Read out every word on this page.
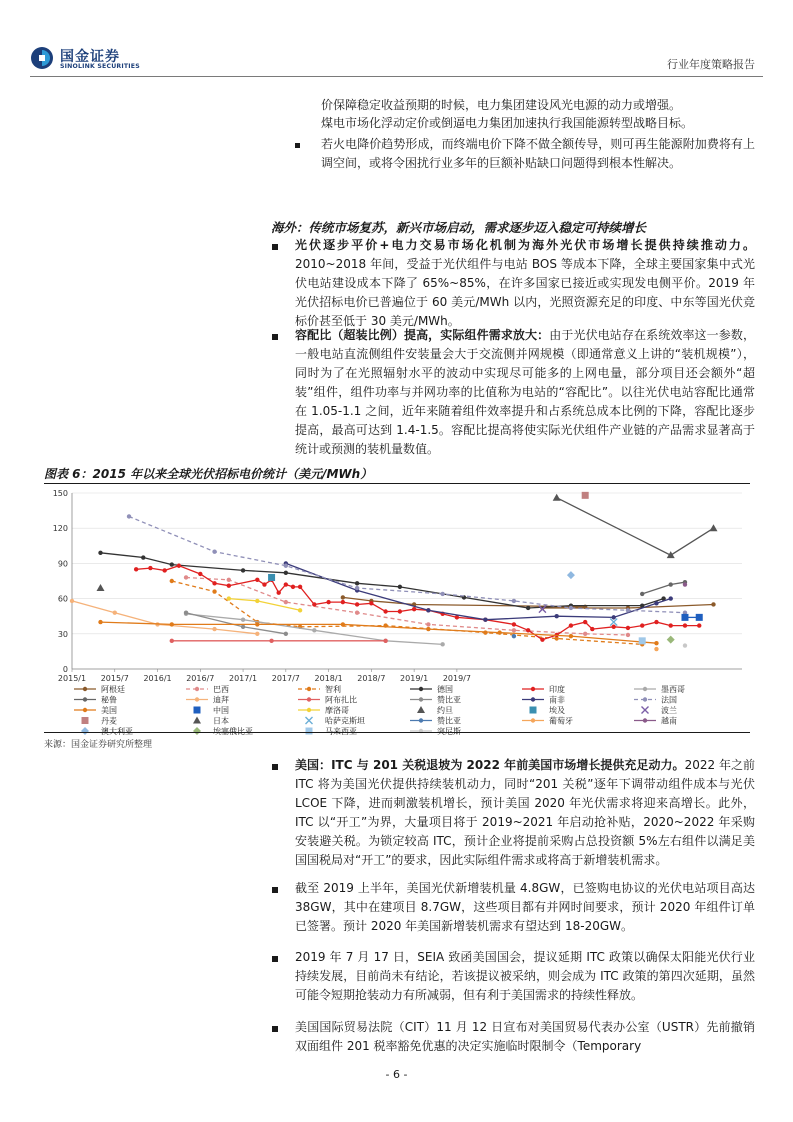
国金证券
SINOLINK SECURITIES	行业年度策略报告
价保障稳定收益预期的时候，电力集团建设风光电源的动力或增强。
煤电市场化浮动定价或倒逼电力集团加速执行我国能源转型战略目标。
若火电降价趋势形成，而终端电价下降不做全额传导，则可再生能源附加费将有上调空间，或将令困扰行业多年的巨额补贴缺口问题得到根本性解决。
海外：传统市场复苏，新兴市场启动，需求逐步迈入稳定可持续增长
光伏逐步平价+电力交易市场化机制为海外光伏市场增长提供持续推动力。2010~2018 年间，受益于光伏组件与电站 BOS 等成本下降，全球主要国家集中式光伏电站建设成本下降了 65%~85%，在许多国家已接近或实现发电侧平价。2019 年光伏招标电价已普遍位于 60 美元/MWh 以内，光照资源充足的印度、中东等国光伏竞标价甚至低于 30 美元/MWh。
容配比（超装比例）提高，实际组件需求放大：由于光伏电站存在系统效率这一参数，一般电站直流侧组件安装量会大于交流侧并网规模（即通常意义上讲的“装机规模”），同时为了在光照辐射水平的波动中实现尽可能多的上网电量，部分项目还会额外“超装”组件，组件功率与并网功率的比值称为电站的“容配比”。以往光伏电站容配比通常在 1.05-1.1 之间，近年来随着组件效率提升和占系统总成本比例的下降，容配比逐步提高，最高可达到 1.4-1.5。容配比提高将使实际光伏组件产业链的产品需求显著高于统计或预测的装机量数值。
图表 6：2015 年以来全球光伏招标电价统计（美元/MWh）
0
30
60
90
120
150
2015/1 2015/7 2016/1 2016/7 2017/1 2017/7 2018/1 2018/7 2019/1 2019/7
阿根廷	巴西	智利	德国	印度	墨西哥
秘鲁	迪拜	阿布扎比	赞比亚	南非	法国
美国	中国	摩洛哥	约旦	埃及	波兰
丹麦	日本	哈萨克斯坦	赞比亚	葡萄牙	越南
澳大利亚	埃塞俄比亚	马来西亚	突尼斯
来源：国金证券研究所整理
美国：ITC 与 201 关税退坡为 2022 年前美国市场增长提供充足动力。2022 年之前 ITC 将为美国光伏提供持续装机动力，同时“201 关税”逐年下调带动组件成本与光伏 LCOE 下降，进而刺激装机增长，预计美国 2020 年光伏需求将迎来高增长。此外，ITC 以“开工”为界，大量项目将于 2019~2021 年启动抢补贴，2020~2022 年采购安装避关税。为锁定较高 ITC，预计企业将提前采购占总投资额 5%左右组件以满足美国国税局对“开工”的要求，因此实际组件需求或将高于新增装机需求。
截至 2019 上半年，美国光伏新增装机量 4.8GW，已签购电协议的光伏电站项目高达 38GW，其中在建项目 8.7GW，这些项目都有并网时间要求，预计 2020 年组件订单已签署。预计 2020 年美国新增装机需求有望达到 18-20GW。
2019 年 7 月 17 日，SEIA 致函美国国会，提议延期 ITC 政策以确保太阳能光伏行业持续发展，目前尚未有结论，若该提议被采纳，则会成为 ITC 政策的第四次延期，虽然可能令短期抢装动力有所减弱，但有利于美国需求的持续性释放。
美国国际贸易法院（CIT）11 月 12 日宣布对美国贸易代表办公室（USTR）先前撤销双面组件 201 税率豁免优惠的决定实施临时限制令（Temporary
- 6 -
